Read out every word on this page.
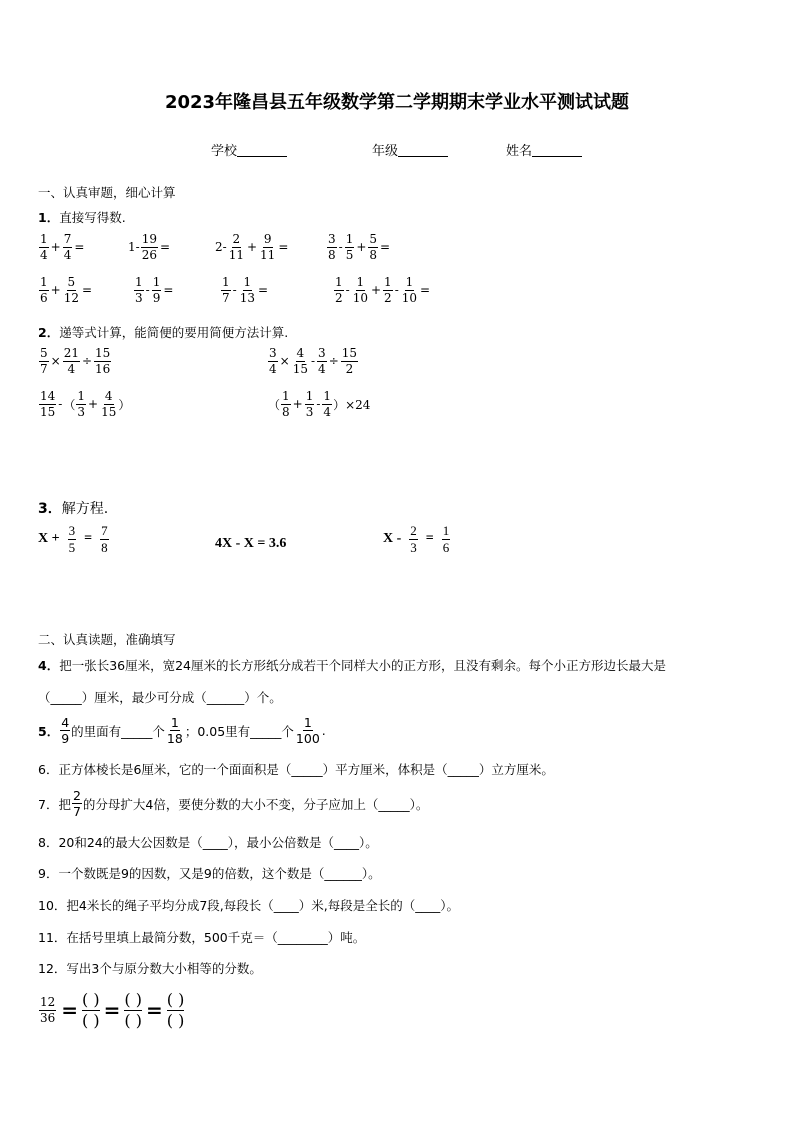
2023年隆昌县五年级数学第二学期期末学业水平测试试题
学校	年级	姓名
一、认真审题，细心计算
1．直接写得数.
1
4
+ $\frac{7}{4}$ =	$1- \frac{19}{26}$ =	2-
2
11
+ $\frac{9}{11}$ =
3
8
-
1
5
+ $\frac{5}{8}$ =
1
6
+ $\frac{5}{12}$ =
1
3
- $\frac{1}{9}$ =
1
7
- $\frac{1}{13}$ =
1
2
-
1
10
+ $\frac{1}{2} - \frac{1}{10}$ =
2．递等式计算，能简便的要用简便方法计算.
$\frac{5}{7} \times \frac{21}{4} \div \frac{15}{16}$	$\frac{3}{4} \times \frac{4}{15} - \frac{3}{4} \div \frac{15}{2}$
14
15
- （
1
3
+ $\frac{4}{15}$ ）	（
1
8
+ $\frac{1}{3}$ -
1
4 ）×24
3．解方程.
$X + \frac{3}{5} = \frac{7}{8}$	4X - X = 3.6	$X - \frac{2}{3} = \frac{1}{6}$
二、认真读题，准确填写
4．把一张长36厘米，宽24厘米的长方形纸分成若干个同样大小的正方形，且没有剩余。每个小正方形边长最大是
（_____）厘米，最少可分成（______）个。
5．
4
9 的里面有_____个
1
18 ；0.05里有_____个
1
100
.
6．正方体棱长是6厘米，它的一个面面积是（_____）平方厘米，体积是（_____）立方厘米。
7．把
2
7 的分母扩大4倍，要使分数的大小不变，分子应加上（_____）。
8．20和24的最大公因数是（____），最小公倍数是（____）。
9．一个数既是9的因数，又是9的倍数，这个数是（______）。
10．把4米长的绳子平均分成7段,每段长（____）米,每段是全长的（____）。
11．在括号里填上最简分数，500千克＝（________）吨。
12．写出3个与原分数大小相等的分数。
$\frac{12}{36}$ = ( )
( ) = ( )
( ) = ( )
( )
